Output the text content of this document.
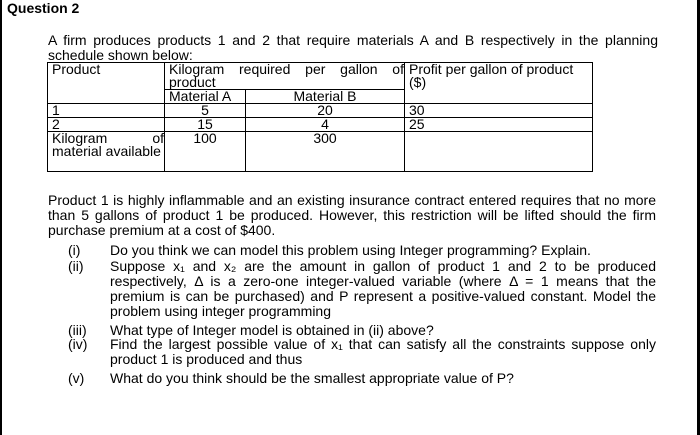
Question 2
A firm produces products 1 and 2 that require materials A and B respectively in the planning schedule shown below:
Product	Kilogram required per gallon of product		Profit per gallon of product ($)
	Material A	Material B	
1	5	20	30
2	15	4	25
Kilogram of material available	100	300	
Product 1 is highly inflammable and an existing insurance contract entered requires that no more than 5 gallons of product 1 be produced. However, this restriction will be lifted should the firm purchase premium at a cost of $400.
(i)	Do you think we can model this problem using Integer programming? Explain.
(ii)	Suppose x₁ and x₂ are the amount in gallon of product 1 and 2 to be produced respectively, Δ is a zero-one integer-valued variable (where Δ = 1 means that the premium is can be purchased) and P represent a positive-valued constant. Model the problem using integer programming
(iii)	What type of Integer model is obtained in (ii) above?
(iv)	Find the largest possible value of x₁ that can satisfy all the constraints suppose only product 1 is produced and thus
(v)	What do you think should be the smallest appropriate value of P?
